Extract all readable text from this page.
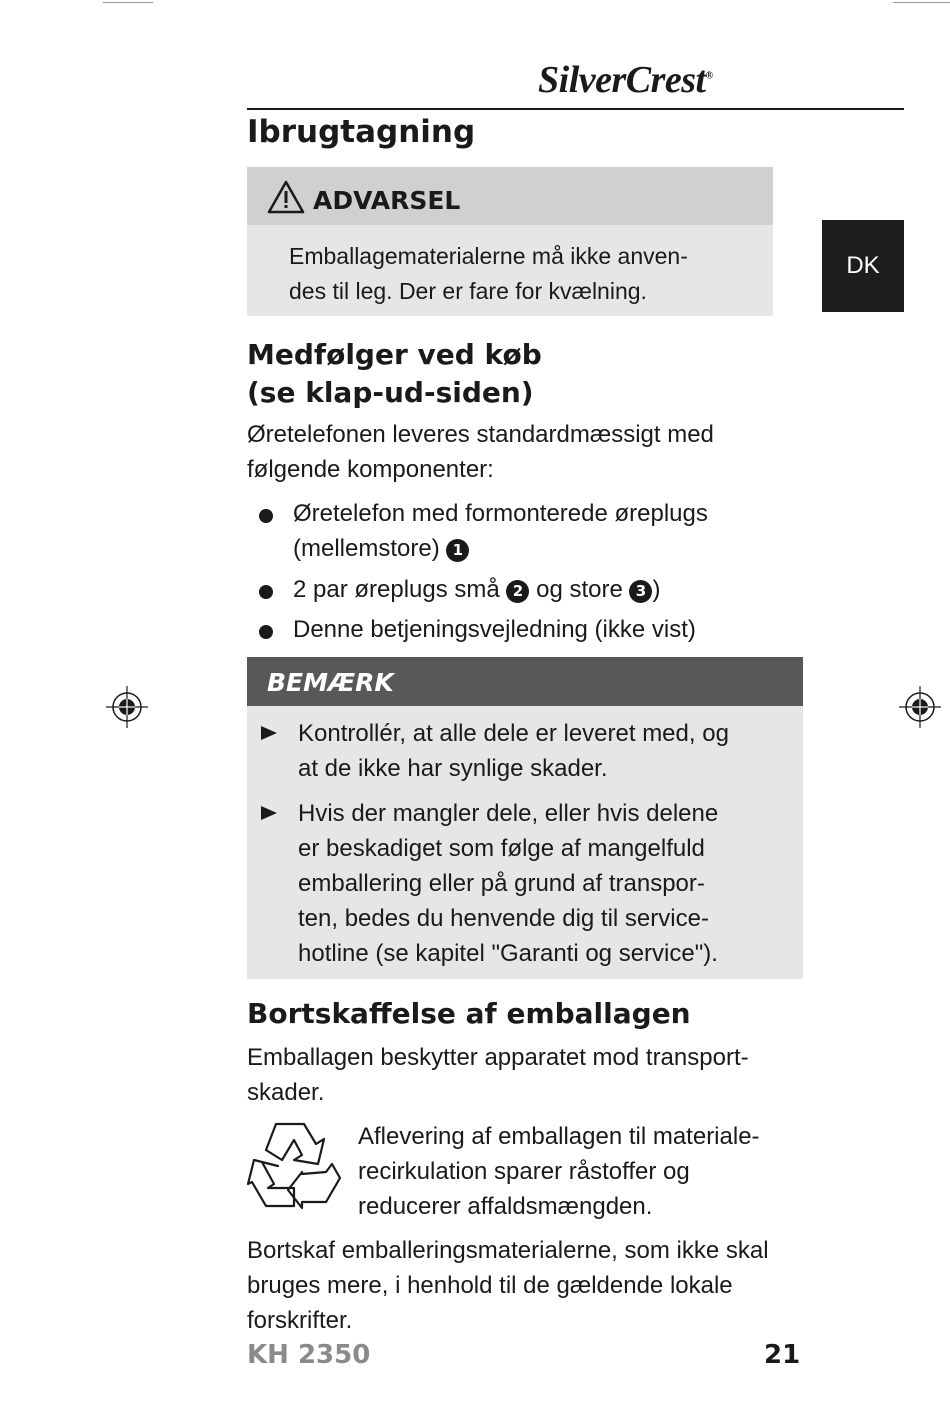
SilverCrest®
Ibrugtagning
ADVARSEL
Emballagematerialerne må ikke anven-
des til leg. Der er fare for kvælning.
DK
Medfølger ved køb
(se klap-ud-siden)
Øretelefonen leveres standardmæssigt med
følgende komponenter:
Øretelefon med formonterede øreplugs
(mellemstore) 1
2 par øreplugs små 2 og store 3 )
Denne betjeningsvejledning (ikke vist)
BEMÆRK
Kontrollér, at alle dele er leveret med, og
at de ikke har synlige skader.
Hvis der mangler dele, eller hvis delene
er beskadiget som følge af mangelfuld
emballering eller på grund af transpor-
ten, bedes du henvende dig til service-
hotline (se kapitel "Garanti og service").
Bortskaffelse af emballagen
Emballagen beskytter apparatet mod transport-
skader.
Aflevering af emballagen til materiale-
recirkulation sparer råstoffer og
reducerer affaldsmængden.
Bortskaf emballeringsmaterialerne, som ikke skal
bruges mere, i henhold til de gældende lokale
forskrifter.
KH 2350	21
